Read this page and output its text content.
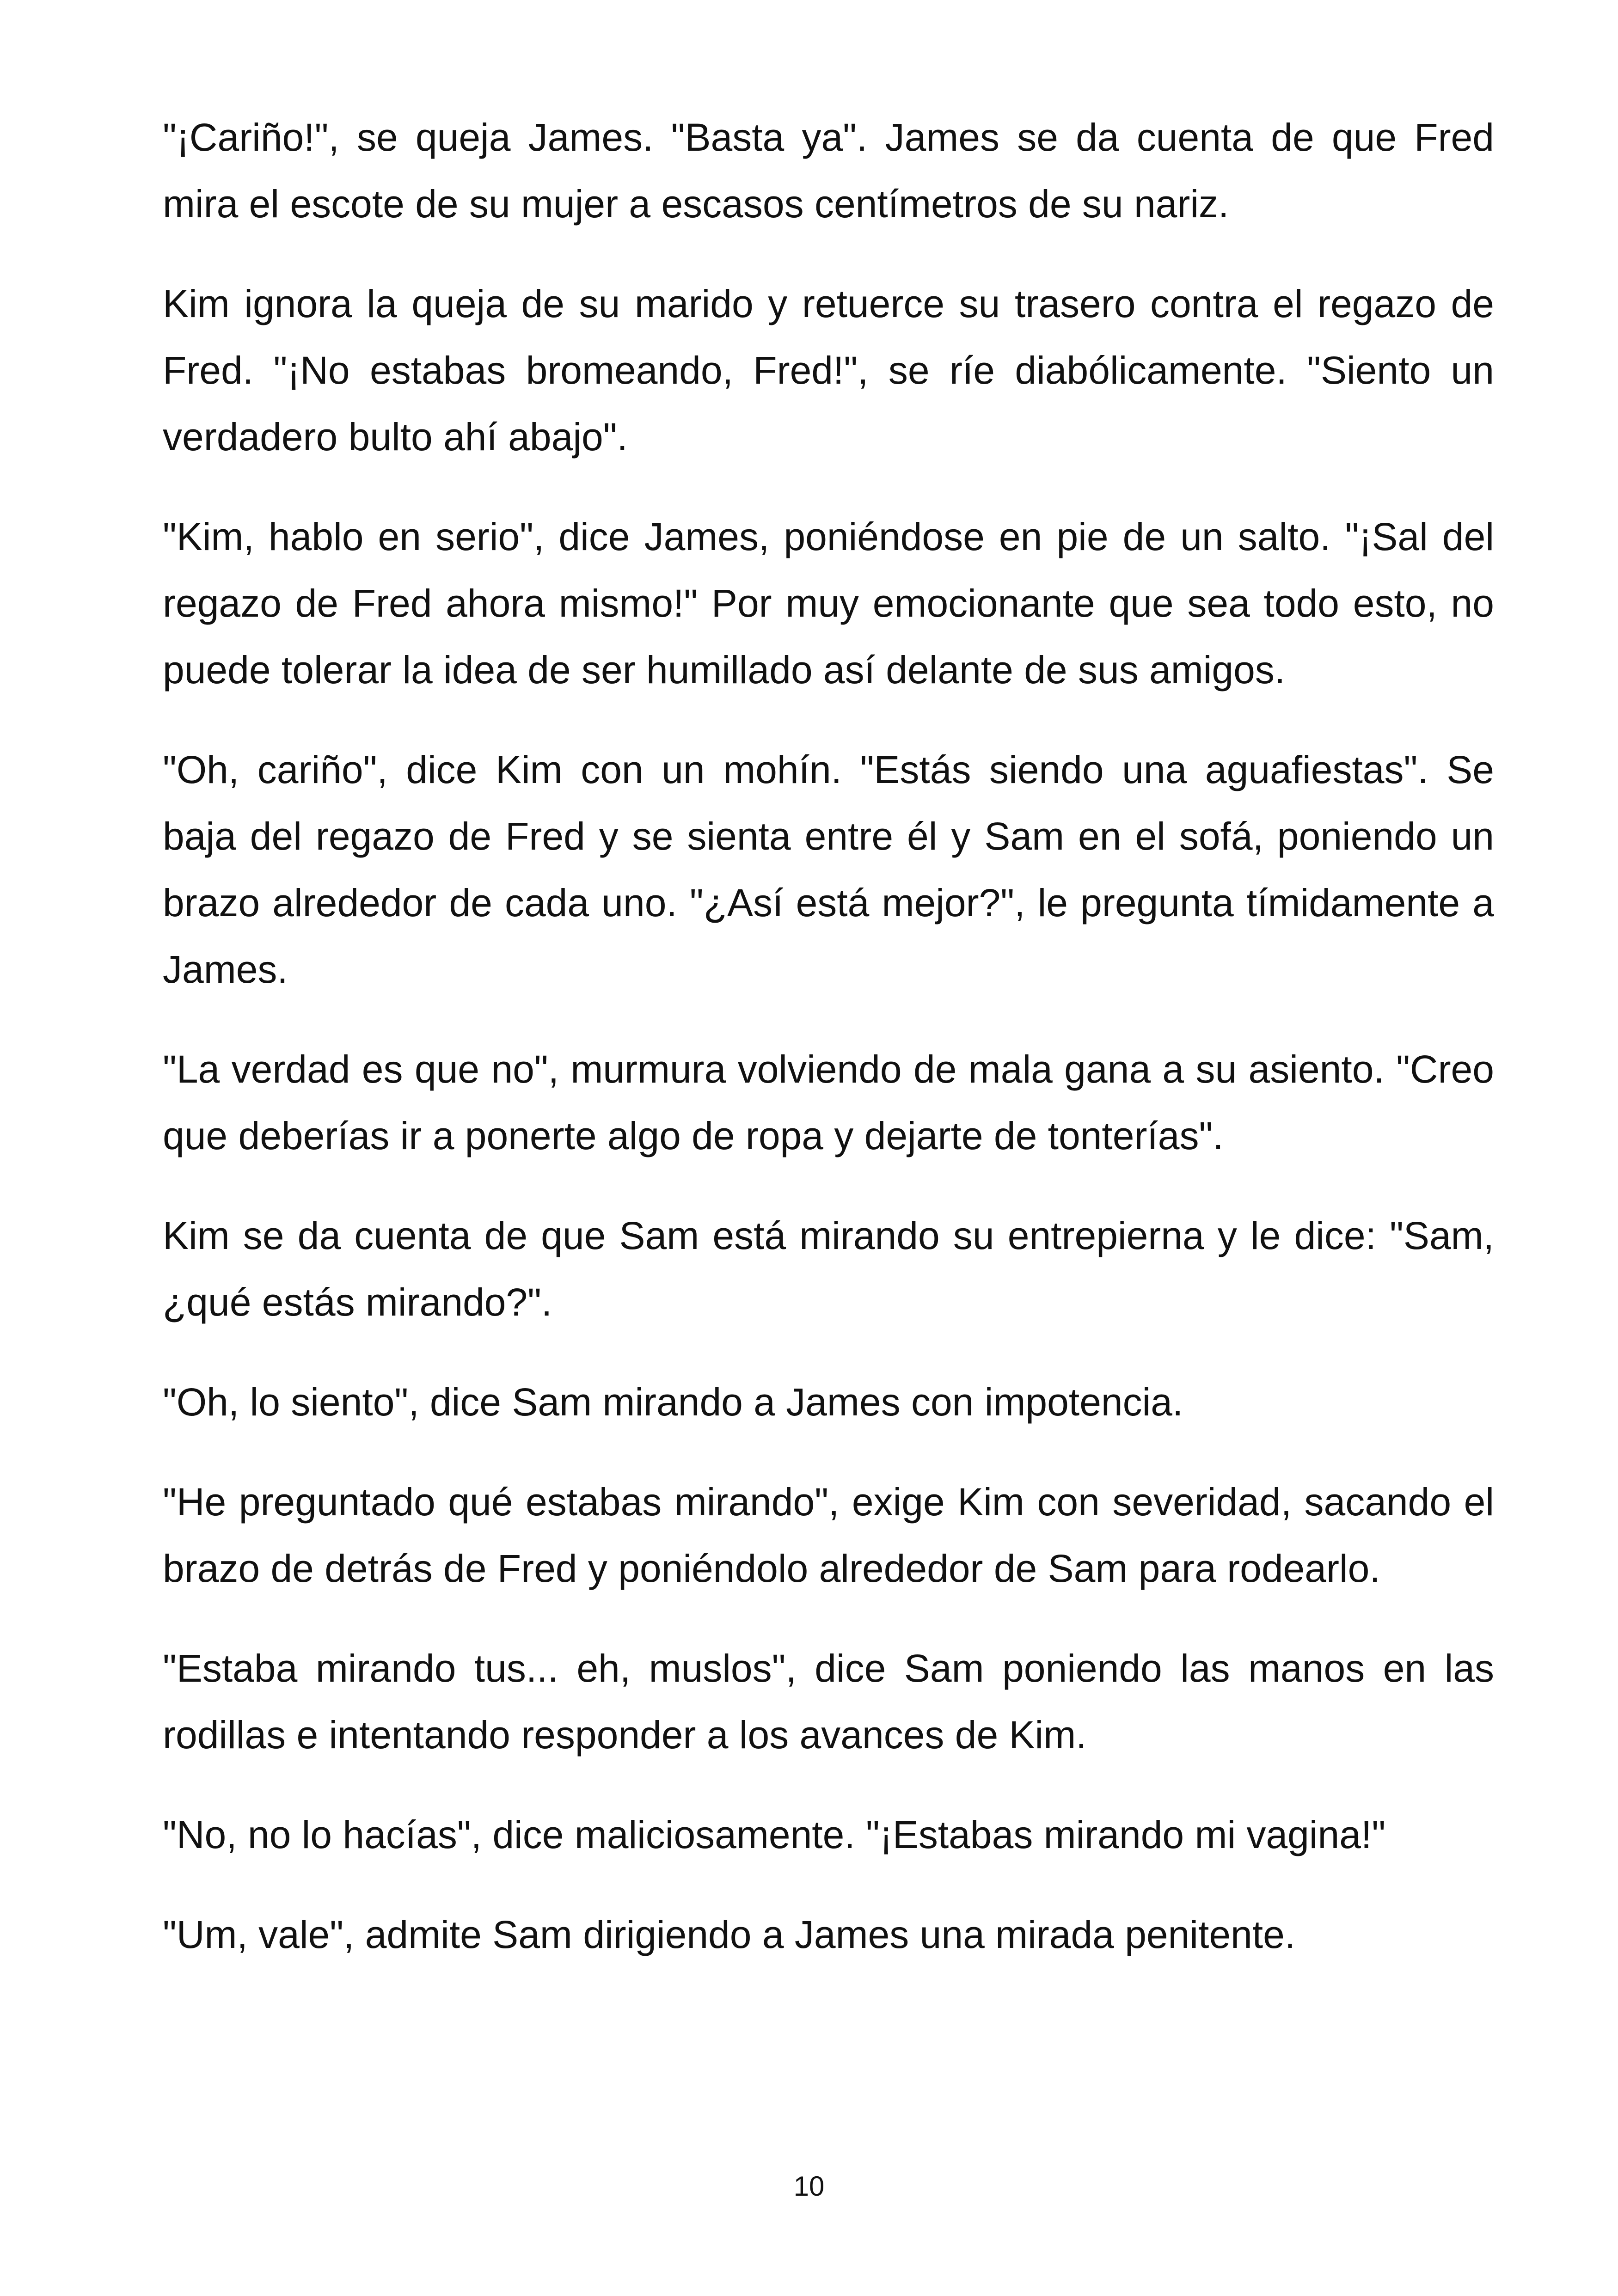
"¡Cariño!", se queja James. "Basta ya". James se da cuenta de que Fred mira el escote de su mujer a escasos centímetros de su nariz.

Kim ignora la queja de su marido y retuerce su trasero contra el regazo de Fred. "¡No estabas bromeando, Fred!", se ríe diabólicamente. "Siento un verdadero bulto ahí abajo".

"Kim, hablo en serio", dice James, poniéndose en pie de un salto. "¡Sal del regazo de Fred ahora mismo!" Por muy emocionante que sea todo esto, no puede tolerar la idea de ser humillado así delante de sus amigos.

"Oh, cariño", dice Kim con un mohín. "Estás siendo una aguafiestas". Se baja del regazo de Fred y se sienta entre él y Sam en el sofá, poniendo un brazo alrededor de cada uno. "¿Así está mejor?", le pregunta tímidamente a James.

"La verdad es que no", murmura volviendo de mala gana a su asiento. "Creo que deberías ir a ponerte algo de ropa y dejarte de tonterías".

Kim se da cuenta de que Sam está mirando su entrepierna y le dice: "Sam, ¿qué estás mirando?".

"Oh, lo siento", dice Sam mirando a James con impotencia.

"He preguntado qué estabas mirando", exige Kim con severidad, sacando el brazo de detrás de Fred y poniéndolo alrededor de Sam para rodearlo.

"Estaba mirando tus... eh, muslos", dice Sam poniendo las manos en las rodillas e intentando responder a los avances de Kim.

"No, no lo hacías", dice maliciosamente. "¡Estabas mirando mi vagina!"

"Um, vale", admite Sam dirigiendo a James una mirada penitente.

10
